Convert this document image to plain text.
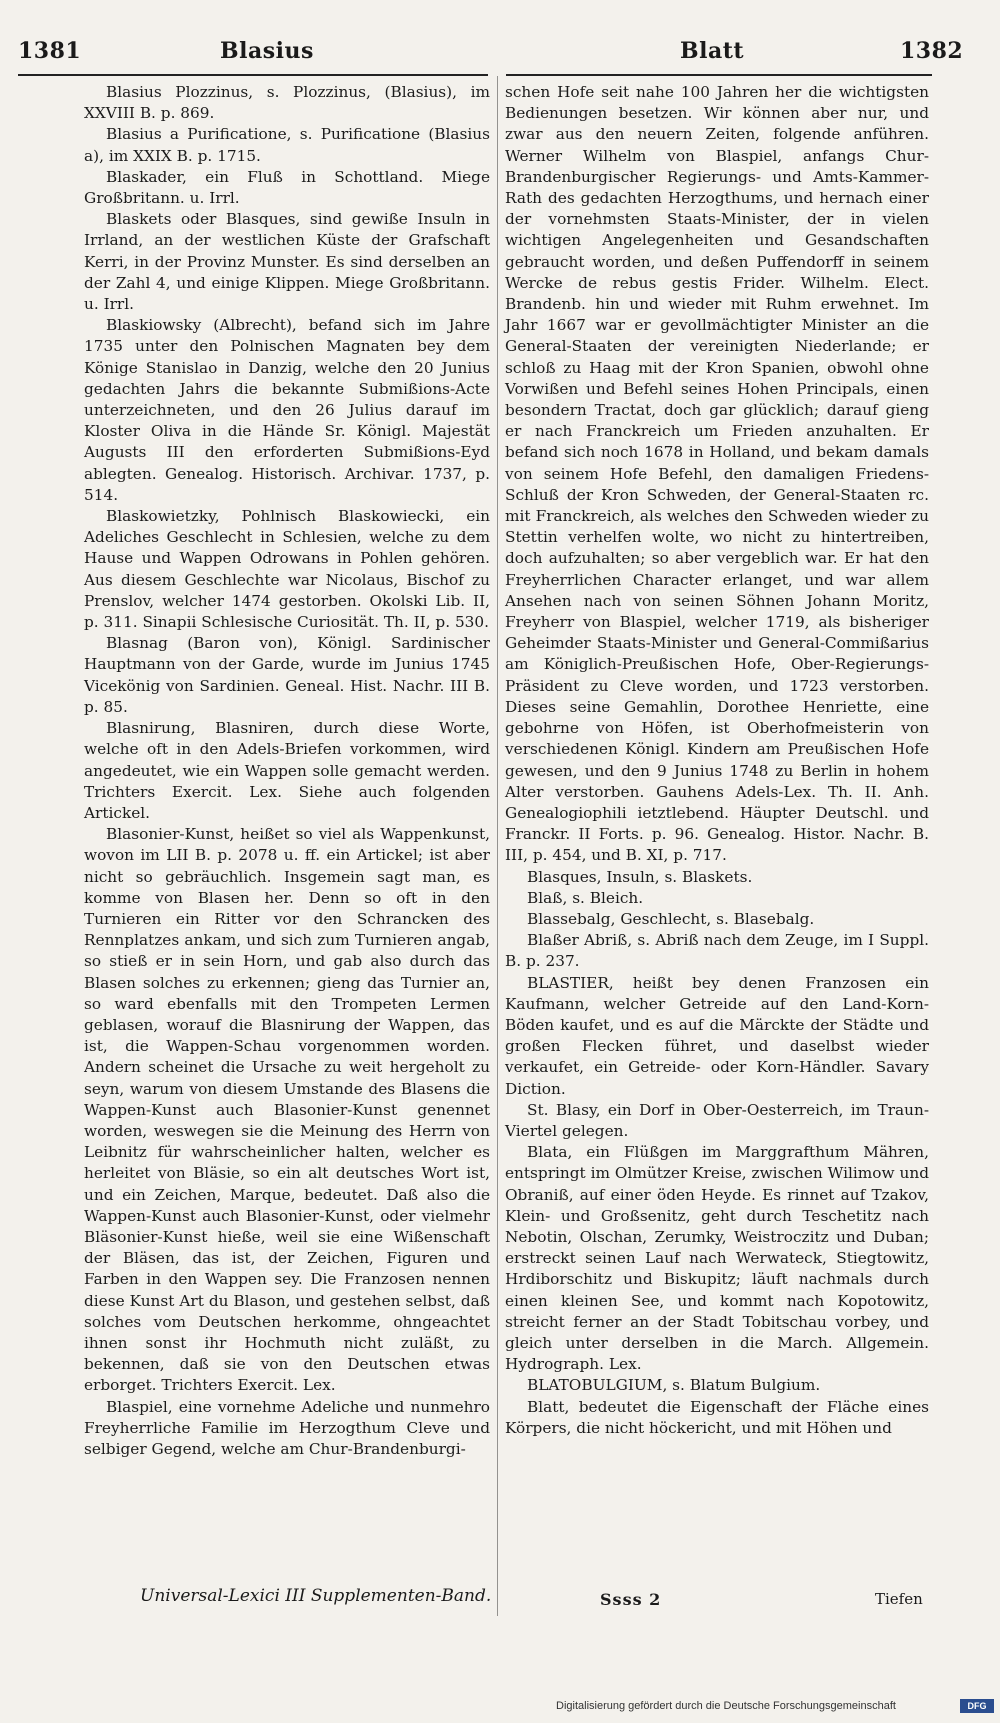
1381	Blasius	Blatt	1382

Blasius Plozzinus, s. Plozzinus, (Blasius), im XXVIII B. p. 869.

Blasius a Purificatione, s. Purificatione (Blasius a), im XXIX B. p. 1715.

Blaskader, ein Fluß in Schottland. Miege Großbritann. u. Irrl.

Blaskets oder Blasques, sind gewiße Insuln in Irrland, an der westlichen Küste der Grafschaft Kerri, in der Provinz Munster. Es sind derselben an der Zahl 4, und einige Klippen. Miege Großbritann. u. Irrl.

Blaskiowsky (Albrecht), befand sich im Jahre 1735 unter den Polnischen Magnaten bey dem Könige Stanislao in Danzig, welche den 20 Junius gedachten Jahrs die bekannte Submißions-Acte unterzeichneten, und den 26 Julius darauf im Kloster Oliva in die Hände Sr. Königl. Majestät Augusts III den erforderten Submißions-Eyd ablegten. Genealog. Historisch. Archivar. 1737, p. 514.

Blaskowietzky, Pohlnisch Blaskowiecki, ein Adeliches Geschlecht in Schlesien, welche zu dem Hause und Wappen Odrowans in Pohlen gehören. Aus diesem Geschlechte war Nicolaus, Bischof zu Prenslov, welcher 1474 gestorben. Okolski Lib. II, p. 311. Sinapii Schlesische Curiosität. Th. II, p. 530.

Blasnag (Baron von), Königl. Sardinischer Hauptmann von der Garde, wurde im Junius 1745 Vicekönig von Sardinien. Geneal. Hist. Nachr. III B. p. 85.

Blasnirung, Blasniren, durch diese Worte, welche oft in den Adels-Briefen vorkommen, wird angedeutet, wie ein Wappen solle gemacht werden. Trichters Exercit. Lex. Siehe auch folgenden Artickel.

Blasonier-Kunst, heißet so viel als Wappenkunst, wovon im LII B. p. 2078 u. ff. ein Artickel; ist aber nicht so gebräuchlich. Insgemein sagt man, es komme von Blasen her. Denn so oft in den Turnieren ein Ritter vor den Schrancken des Rennplatzes ankam, und sich zum Turnieren angab, so stieß er in sein Horn, und gab also durch das Blasen solches zu erkennen; gieng das Turnier an, so ward ebenfalls mit den Trompeten Lermen geblasen, worauf die Blasnirung der Wappen, das ist, die Wappen-Schau vorgenommen worden. Andern scheinet die Ursache zu weit hergeholt zu seyn, warum von diesem Umstande des Blasens die Wappen-Kunst auch Blasonier-Kunst genennet worden, weswegen sie die Meinung des Herrn von Leibnitz für wahrscheinlicher halten, welcher es herleitet von Bläsie, so ein alt deutsches Wort ist, und ein Zeichen, Marque, bedeutet. Daß also die Wappen-Kunst auch Blasonier-Kunst, oder vielmehr Bläsonier-Kunst hieße, weil sie eine Wißenschaft der Bläsen, das ist, der Zeichen, Figuren und Farben in den Wappen sey. Die Franzosen nennen diese Kunst Art du Blason, und gestehen selbst, daß solches vom Deutschen herkomme, ohngeachtet ihnen sonst ihr Hochmuth nicht zuläßt, zu bekennen, daß sie von den Deutschen etwas erborget. Trichters Exercit. Lex.

Blaspiel, eine vornehme Adeliche und nunmehro Freyherrliche Familie im Herzogthum Cleve und selbiger Gegend, welche am Chur-Brandenburgi-

schen Hofe seit nahe 100 Jahren her die wichtigsten Bedienungen besetzen. Wir können aber nur, und zwar aus den neuern Zeiten, folgende anführen. Werner Wilhelm von Blaspiel, anfangs Chur-Brandenburgischer Regierungs- und Amts-Kammer-Rath des gedachten Herzogthums, und hernach einer der vornehmsten Staats-Minister, der in vielen wichtigen Angelegenheiten und Gesandschaften gebraucht worden, und deßen Puffendorff in seinem Wercke de rebus gestis Frider. Wilhelm. Elect. Brandenb. hin und wieder mit Ruhm erwehnet. Im Jahr 1667 war er gevollmächtigter Minister an die General-Staaten der vereinigten Niederlande; er schloß zu Haag mit der Kron Spanien, obwohl ohne Vorwißen und Befehl seines Hohen Principals, einen besondern Tractat, doch gar glücklich; darauf gieng er nach Franckreich um Frieden anzuhalten. Er befand sich noch 1678 in Holland, und bekam damals von seinem Hofe Befehl, den damaligen Friedens-Schluß der Kron Schweden, der General-Staaten rc. mit Franckreich, als welches den Schweden wieder zu Stettin verhelfen wolte, wo nicht zu hintertreiben, doch aufzuhalten; so aber vergeblich war. Er hat den Freyherrlichen Character erlanget, und war allem Ansehen nach von seinen Söhnen Johann Moritz, Freyherr von Blaspiel, welcher 1719, als bisheriger Geheimder Staats-Minister und General-Commißarius am Königlich-Preußischen Hofe, Ober-Regierungs-Präsident zu Cleve worden, und 1723 verstorben. Dieses seine Gemahlin, Dorothee Henriette, eine gebohrne von Höfen, ist Oberhofmeisterin von verschiedenen Königl. Kindern am Preußischen Hofe gewesen, und den 9 Junius 1748 zu Berlin in hohem Alter verstorben. Gauhens Adels-Lex. Th. II. Anh. Genealogiophili ietztlebend. Häupter Deutschl. und Franckr. II Forts. p. 96. Genealog. Histor. Nachr. B. III, p. 454, und B. XI, p. 717.

Blasques, Insuln, s. Blaskets.

Blaß, s. Bleich.

Blassebalg, Geschlecht, s. Blasebalg.

Blaßer Abriß, s. Abriß nach dem Zeuge, im I Suppl. B. p. 237.

BLASTIER, heißt bey denen Franzosen ein Kaufmann, welcher Getreide auf den Land-Korn-Böden kaufet, und es auf die Märckte der Städte und großen Flecken führet, und daselbst wieder verkaufet, ein Getreide- oder Korn-Händler. Savary Diction.

St. Blasy, ein Dorf in Ober-Oesterreich, im Traun-Viertel gelegen.

Blata, ein Flüßgen im Marggrafthum Mähren, entspringt im Olmützer Kreise, zwischen Wilimow und Obraniß, auf einer öden Heyde. Es rinnet auf Tzakov, Klein- und Großsenitz, geht durch Teschetitz nach Nebotin, Olschan, Zerumky, Weistroczitz und Duban; erstreckt seinen Lauf nach Werwateck, Stiegtowitz, Hrdiborschitz und Biskupitz; läuft nachmals durch einen kleinen See, und kommt nach Kopotowitz, streicht ferner an der Stadt Tobitschau vorbey, und gleich unter derselben in die March. Allgemein. Hydrograph. Lex.

BLATOBULGIUM, s. Blatum Bulgium.

Blatt, bedeutet die Eigenschaft der Fläche eines Körpers, die nicht höckericht, und mit Höhen und

Universal-Lexici III Supplementen-Band.	Ssss 2	Tiefen
Digitalisierung gefördert durch die Deutsche Forschungsgemeinschaft	DFG
